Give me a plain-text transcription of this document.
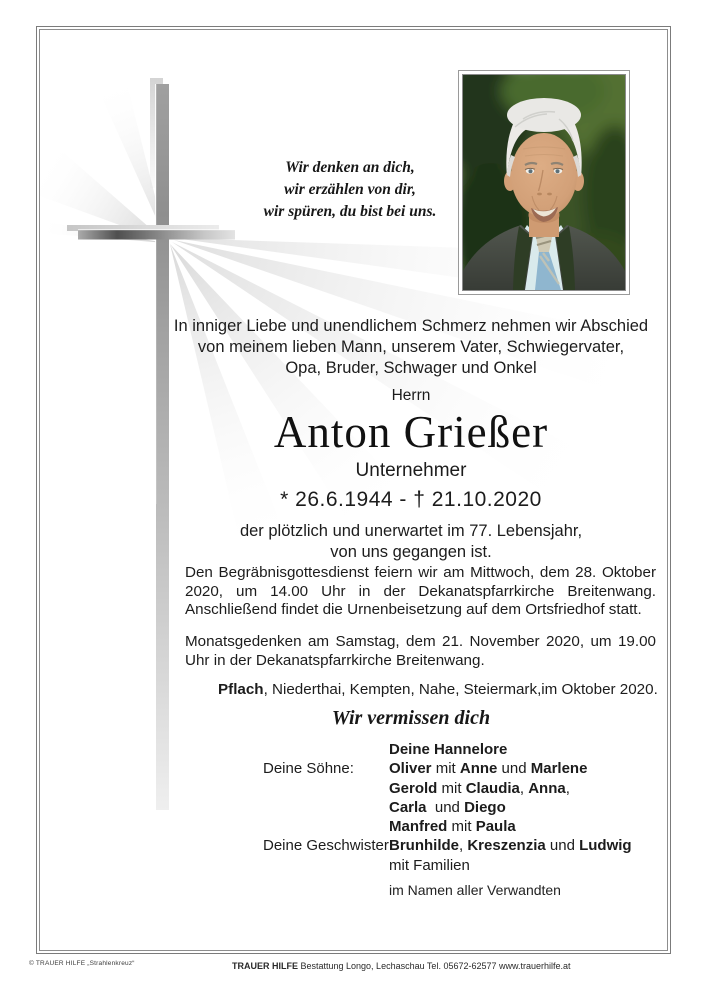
Wir denken an dich,
wir erzählen von dir,
wir spüren, du bist bei uns.
In inniger Liebe und unendlichem Schmerz nehmen wir Abschied
von meinem lieben Mann, unserem Vater, Schwiegervater,
Opa, Bruder, Schwager und Onkel
Herrn
Anton Grießer
Unternehmer
* 26.6.1944 - † 21.10.2020
der plötzlich und unerwartet im 77. Lebensjahr,
von uns gegangen ist.

Den Begräbnisgottesdienst feiern wir am Mittwoch, dem 28. Oktober 2020, um 14.00 Uhr in der Dekanatspfarrkirche Breitenwang. Anschließend findet die Urnenbeisetzung auf dem Ortsfriedhof statt.

Monatsgedenken am Samstag, dem 21. November 2020, um 19.00 Uhr in der Dekanatspfarrkirche Breitenwang.

Pflach, Niederthai, Kempten, Nahe, Steiermark,im Oktober 2020.
Wir vermissen dich
Deine Hannelore
Deine Söhne:	Oliver mit Anne und Marlene
Gerold mit Claudia, Anna,
Carla  und Diego
Manfred mit Paula
Deine Geschwister:
Brunhilde, Kreszenzia und Ludwig
mit Familien
im Namen aller Verwandten
© TRAUER HILFE „Strahlenkreuz“	TRAUER HILFE Bestattung Longo, Lechaschau Tel. 05672-62577 www.trauerhilfe.at
